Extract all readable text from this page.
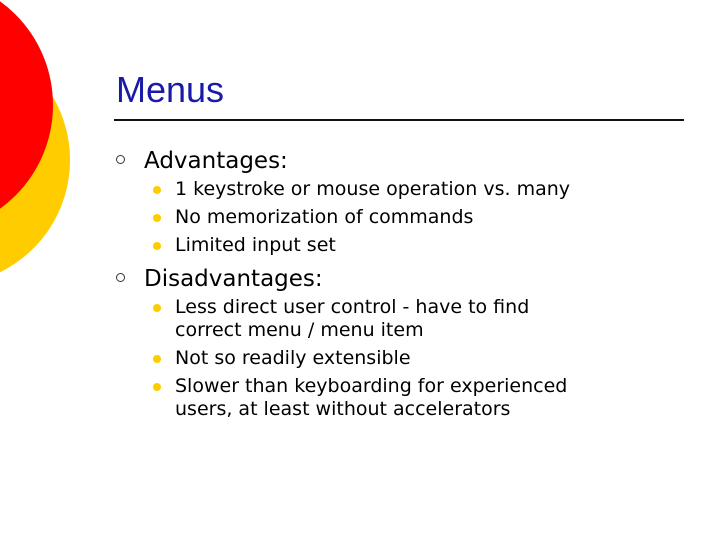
Menus
Advantages:
1 keystroke or mouse operation vs. many
No memorization of commands
Limited input set
Disadvantages:
Less direct user control - have to find correct menu / menu item
Not so readily extensible
Slower than keyboarding for experienced users, at least without accelerators
